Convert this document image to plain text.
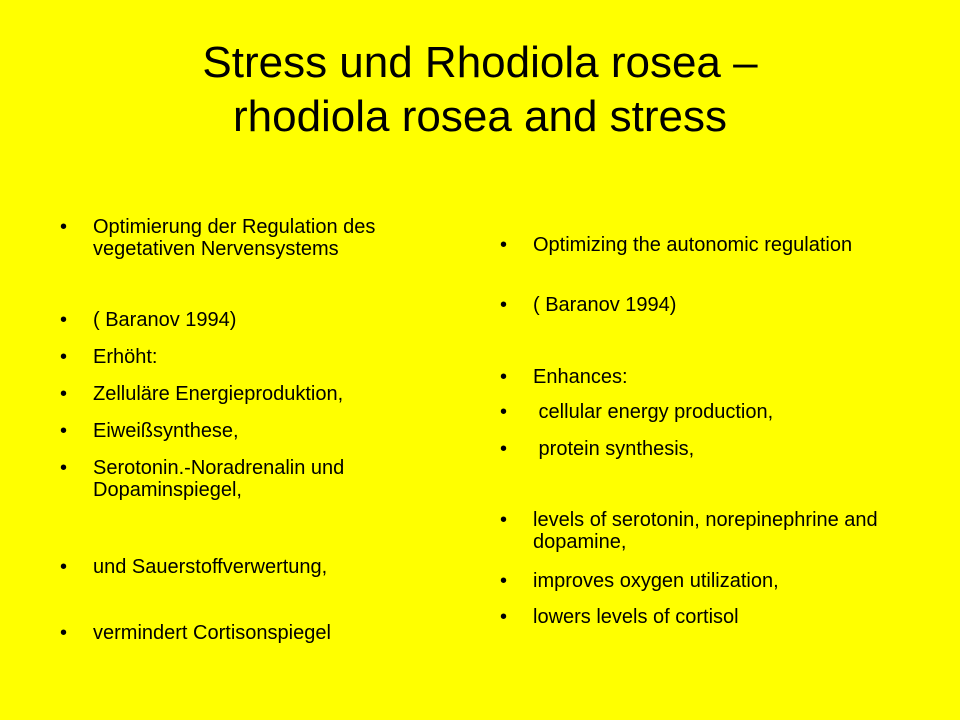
Stress und Rhodiola rosea –
rhodiola rosea and stress
• Optimierung der Regulation des vegetativen Nervensystems
• ( Baranov 1994)
• Erhöht:
• Zelluläre Energieproduktion,
• Eiweißsynthese,
• Serotonin.-Noradrenalin und Dopaminspiegel,
• und Sauerstoffverwertung,
• vermindert Cortisonspiegel
• Optimizing the autonomic regulation
• ( Baranov 1994)
• Enhances:
• cellular energy production,
• protein synthesis,
• levels of serotonin, norepinephrine and dopamine,
• improves oxygen utilization,
• lowers levels of cortisol
